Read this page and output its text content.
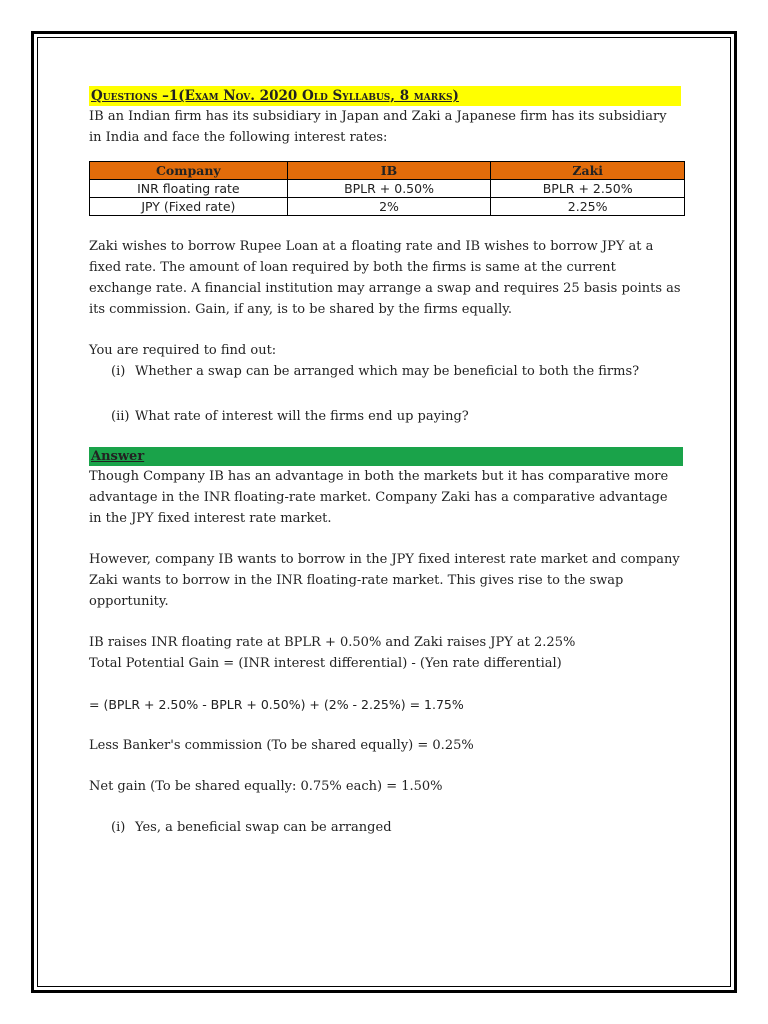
Questions –1(Exam Nov. 2020 Old Syllabus, 8 marks)

IB an Indian firm has its subsidiary in Japan and Zaki a Japanese firm has its subsidiary in India and face the following interest rates:

Company	IB	Zaki
INR floating rate	BPLR + 0.50%	BPLR + 2.50%
JPY (Fixed rate)	2%	2.25%

Zaki wishes to borrow Rupee Loan at a floating rate and IB wishes to borrow JPY at a fixed rate. The amount of loan required by both the firms is same at the current exchange rate. A financial institution may arrange a swap and requires 25 basis points as its commission. Gain, if any, is to be shared by the firms equally.

You are required to find out:

(i) Whether a swap can be arranged which may be beneficial to both the firms?
(ii) What rate of interest will the firms end up paying?
Answer

Though Company IB has an advantage in both the markets but it has comparative more advantage in the INR floating-rate market. Company Zaki has a comparative advantage in the JPY fixed interest rate market.

However, company IB wants to borrow in the JPY fixed interest rate market and company Zaki wants to borrow in the INR floating-rate market. This gives rise to the swap opportunity.

IB raises INR floating rate at BPLR + 0.50% and Zaki raises JPY at 2.25%

Total Potential Gain = (INR interest differential) - (Yen rate differential)

= (BPLR + 2.50% - BPLR + 0.50%) + (2% - 2.25%) = 1.75%

Less Banker's commission (To be shared equally) = 0.25%

Net gain (To be shared equally: 0.75% each) = 1.50%

(i) Yes, a beneficial swap can be arranged
